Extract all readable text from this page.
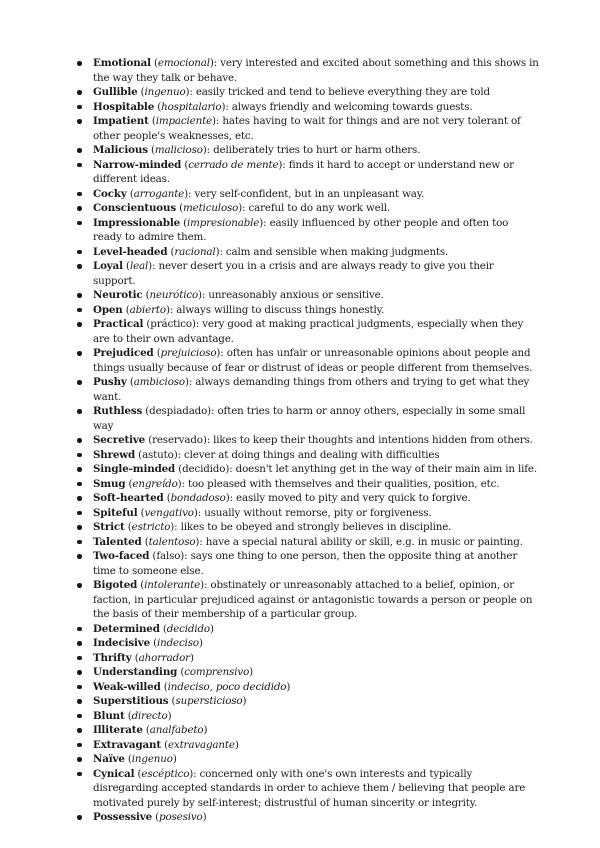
Emotional (emocional): very interested and excited about something and this shows in the way they talk or behave.
Gullible (ingenuo): easily tricked and tend to believe everything they are told
Hospitable (hospitalario): always friendly and welcoming towards guests.
Impatient (impaciente): hates having to wait for things and are not very tolerant of other people's weaknesses, etc.
Malicious (malicioso): deliberately tries to hurt or harm others.
Narrow-minded (cerrado de mente): finds it hard to accept or understand new or different ideas.
Cocky (arrogante): very self-confident, but in an unpleasant way.
Conscientuous (meticuloso): careful to do any work well.
Impressionable (impresionable): easily influenced by other people and often too ready to admire them.
Level-headed (racional): calm and sensible when making judgments.
Loyal (leal): never desert you in a crisis and are always ready to give you their support.
Neurotic (neurótico): unreasonably anxious or sensitive.
Open (abierto): always willing to discuss things honestly.
Practical (práctico): very good at making practical judgments, especially when they are to their own advantage.
Prejudiced (prejuicioso): often has unfair or unreasonable opinions about people and things usually because of fear or distrust of ideas or people different from themselves.
Pushy (ambicioso): always demanding things from others and trying to get what they want.
Ruthless (despiadado): often tries to harm or annoy others, especially in some small way
Secretive (reservado): likes to keep their thoughts and intentions hidden from others.
Shrewd (astuto): clever at doing things and dealing with difficulties
Single-minded (decidido): doesn't let anything get in the way of their main aim in life.
Smug (engreído): too pleased with themselves and their qualities, position, etc.
Soft-hearted (bondadoso): easily moved to pity and very quick to forgive.
Spiteful (vengativo): usually without remorse, pity or forgiveness.
Strict (estricto): likes to be obeyed and strongly believes in discipline.
Talented (talentoso): have a special natural ability or skill, e.g. in music or painting.
Two-faced (falso): says one thing to one person, then the opposite thing at another time to someone else.
Bigoted (intolerante): obstinately or unreasonably attached to a belief, opinion, or faction, in particular prejudiced against or antagonistic towards a person or people on the basis of their membership of a particular group.
Determined (decidido)
Indecisive (indeciso)
Thrifty (ahorrador)
Understanding (comprensivo)
Weak-willed (indeciso, poco decidido)
Superstitious (supersticioso)
Blunt (directo)
Illiterate (analfabeto)
Extravagant (extravagante)
Naïve (ingenuo)
Cynical (escéptico): concerned only with one's own interests and typically disregarding accepted standards in order to achieve them / believing that people are motivated purely by self-interest; distrustful of human sincerity or integrity.
Possessive (posesivo)
